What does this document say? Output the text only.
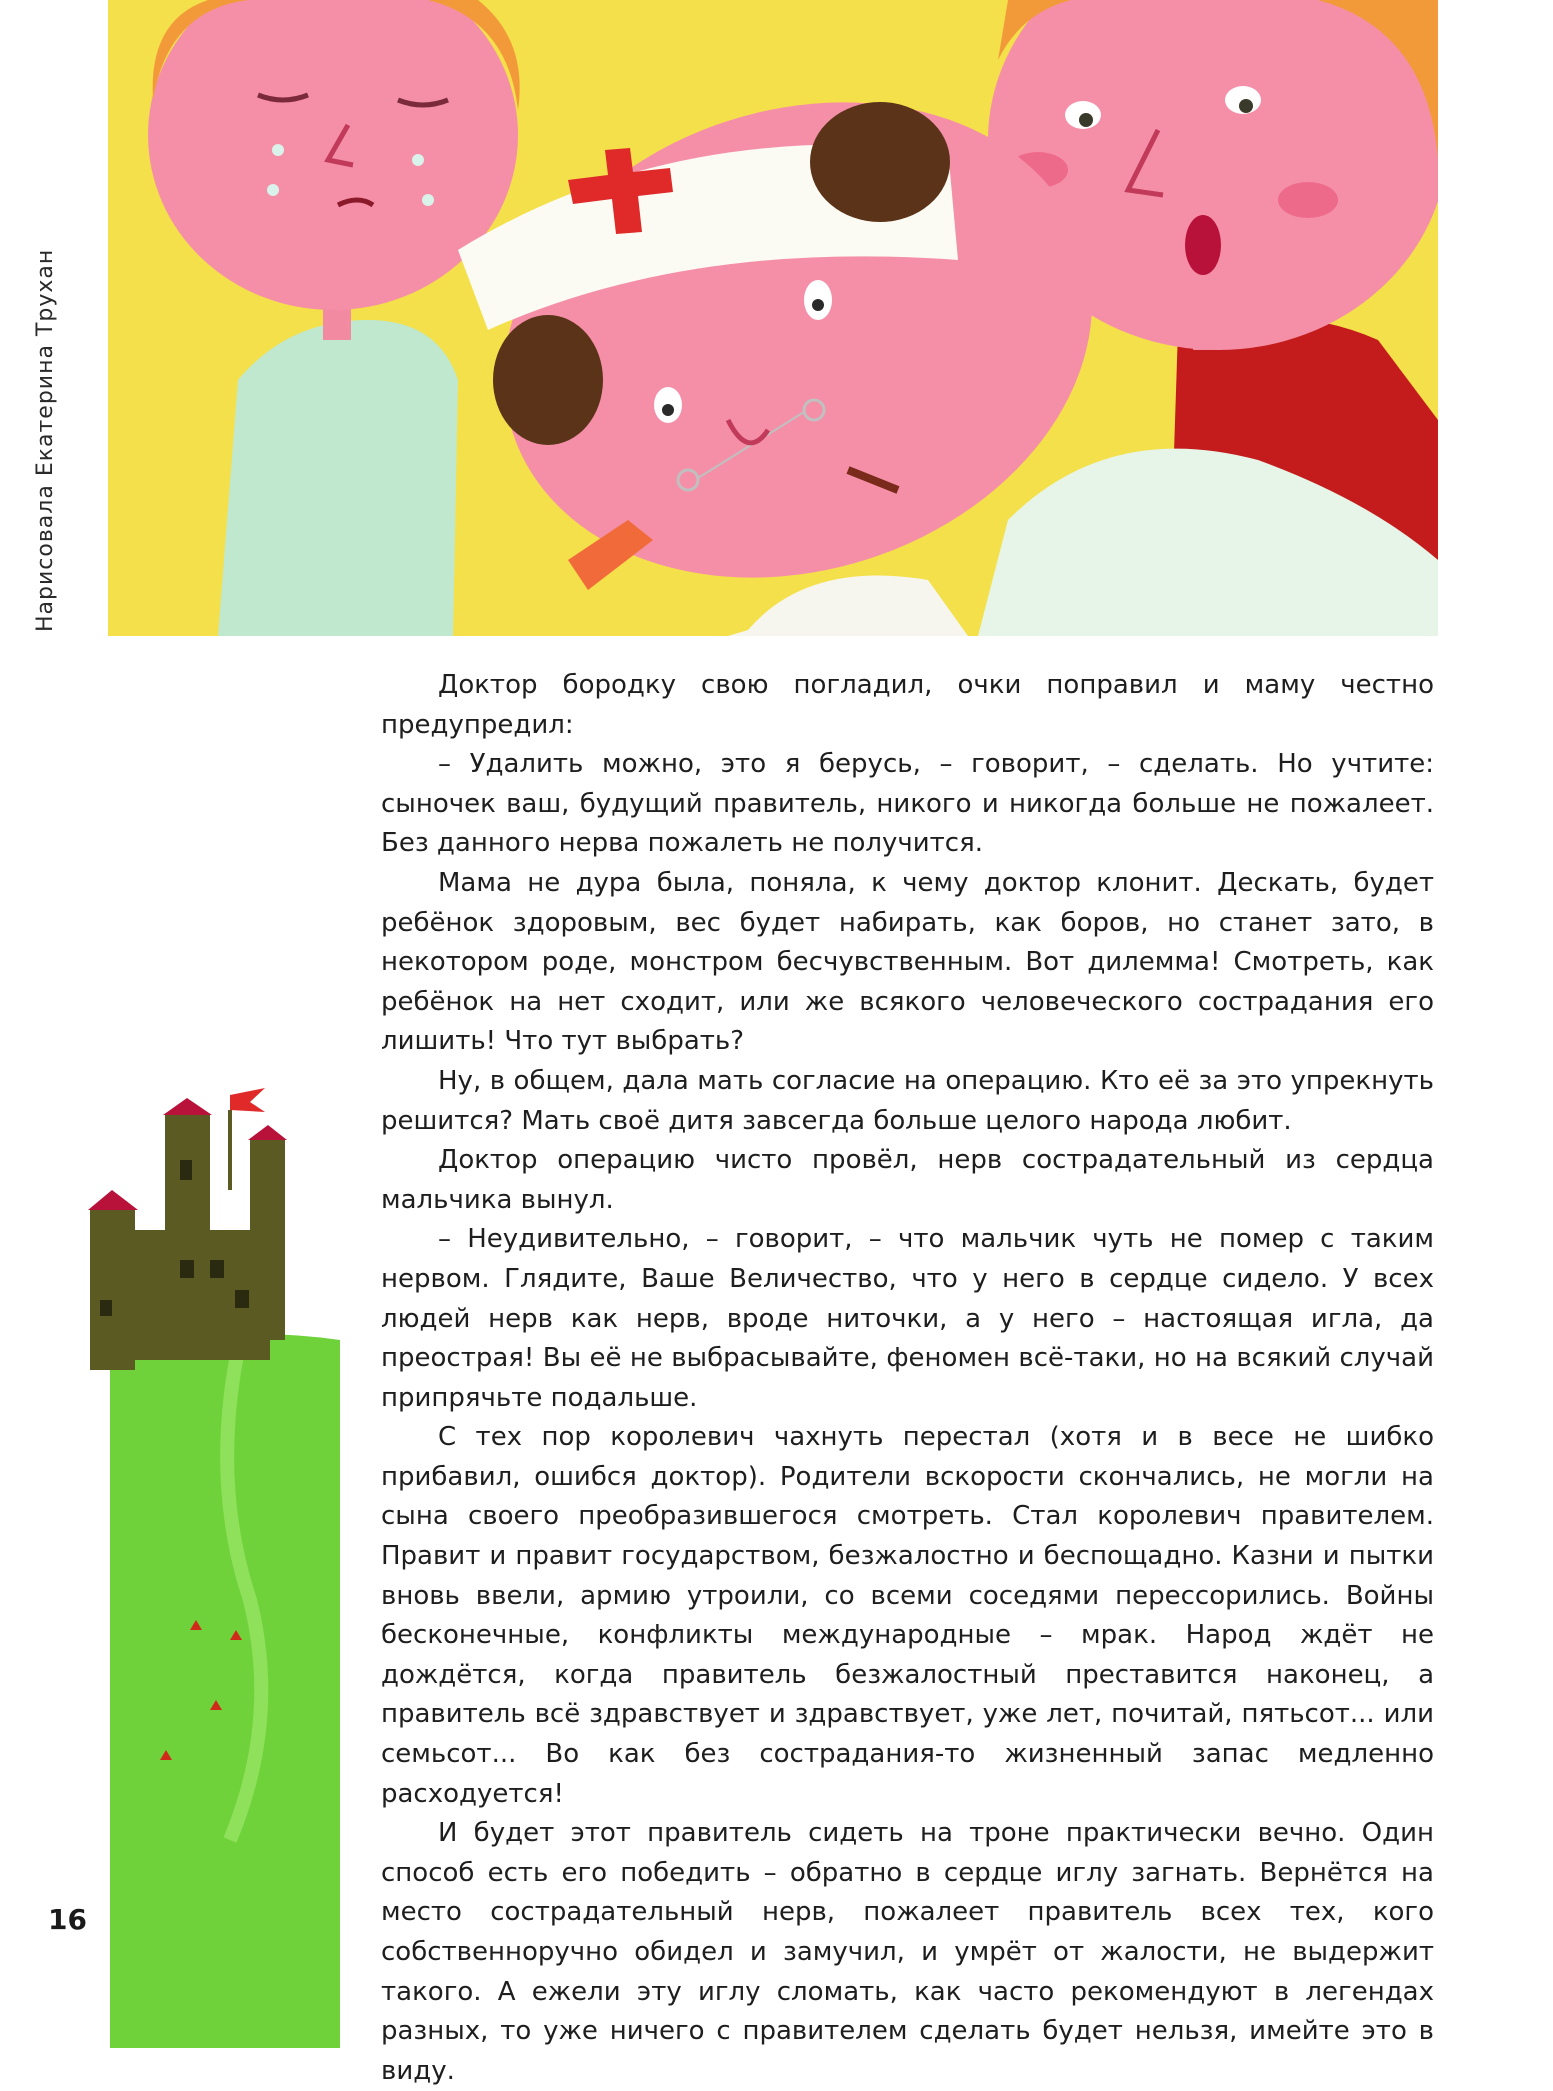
Нарисовала Екатерина Трухан
16

Доктор бородку свою погладил, очки поправил и маму честно предупредил:

– Удалить можно, это я берусь, – говорит, – сделать. Но учтите: сыночек ваш, будущий правитель, никого и никогда больше не пожалеет. Без данного нерва пожалеть не получится.

Мама не дура была, поняла, к чему доктор клонит. Дескать, будет ребёнок здоровым, вес будет набирать, как боров, но станет зато, в некотором роде, монстром бесчувственным. Вот дилемма! Смотреть, как ребёнок на нет сходит, или же всякого человеческого сострадания его лишить! Что тут выбрать?

Ну, в общем, дала мать согласие на операцию. Кто её за это упрекнуть решится? Мать своё дитя завсегда больше целого народа любит.

Доктор операцию чисто провёл, нерв сострадательный из сердца мальчика вынул.

– Неудивительно, – говорит, – что мальчик чуть не помер с таким нервом. Глядите, Ваше Величество, что у него в сердце сидело. У всех людей нерв как нерв, вроде ниточки, а у него – настоящая игла, да преострая! Вы её не выбрасывайте, феномен всё-таки, но на всякий случай припрячьте подальше.

С тех пор королевич чахнуть перестал (хотя и в весе не шибко прибавил, ошибся доктор). Родители вскорости скончались, не могли на сына своего преобразившегося смотреть. Стал королевич правителем. Правит и правит государством, безжалостно и беспощадно. Казни и пытки вновь ввели, армию утроили, со всеми соседями перессорились. Войны бесконечные, конфликты международные – мрак. Народ ждёт не дождётся, когда правитель безжалостный преставится наконец, а правитель всё здравствует и здравствует, уже лет, почитай, пятьсот... или семьсот... Во как без сострадания-то жизненный запас медленно расходуется!

И будет этот правитель сидеть на троне практически вечно. Один способ есть его победить – обратно в сердце иглу загнать. Вернётся на место сострадательный нерв, пожалеет правитель всех тех, кого собственноручно обидел и замучил, и умрёт от жалости, не выдержит такого. А ежели эту иглу сломать, как часто рекомендуют в легендах разных, то уже ничего с правителем сделать будет нельзя, имейте это в виду.
